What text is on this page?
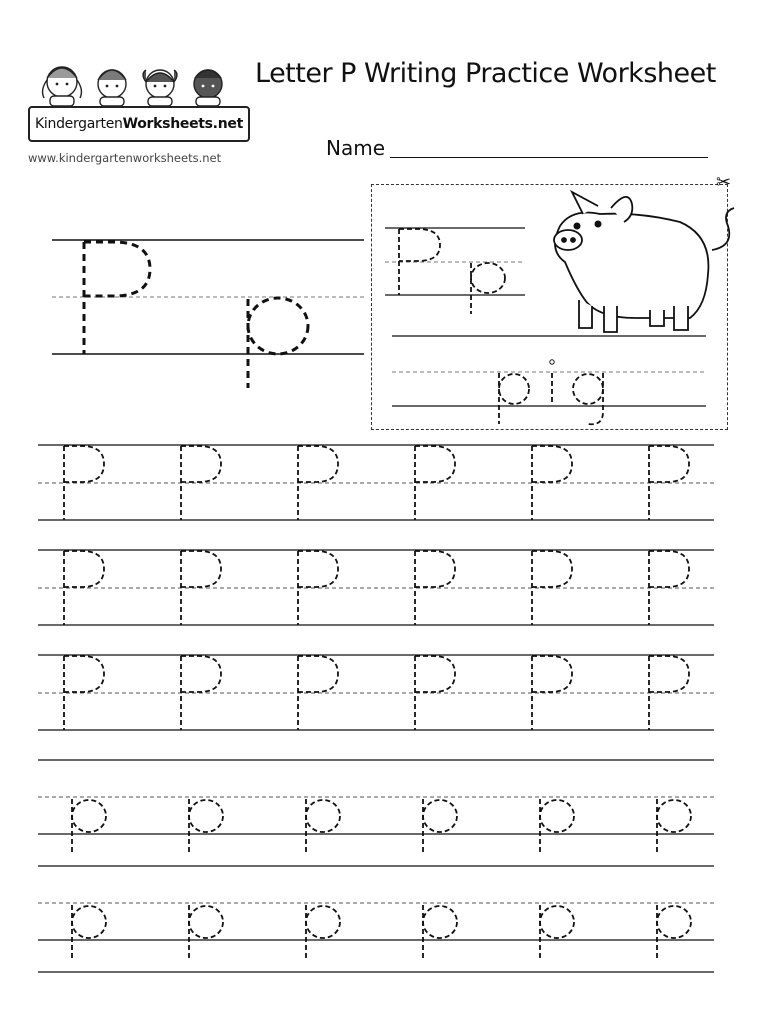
KindergartenWorksheets.net
www.kindergartenworksheets.net
Letter P Writing Practice Worksheet
Name
✂
